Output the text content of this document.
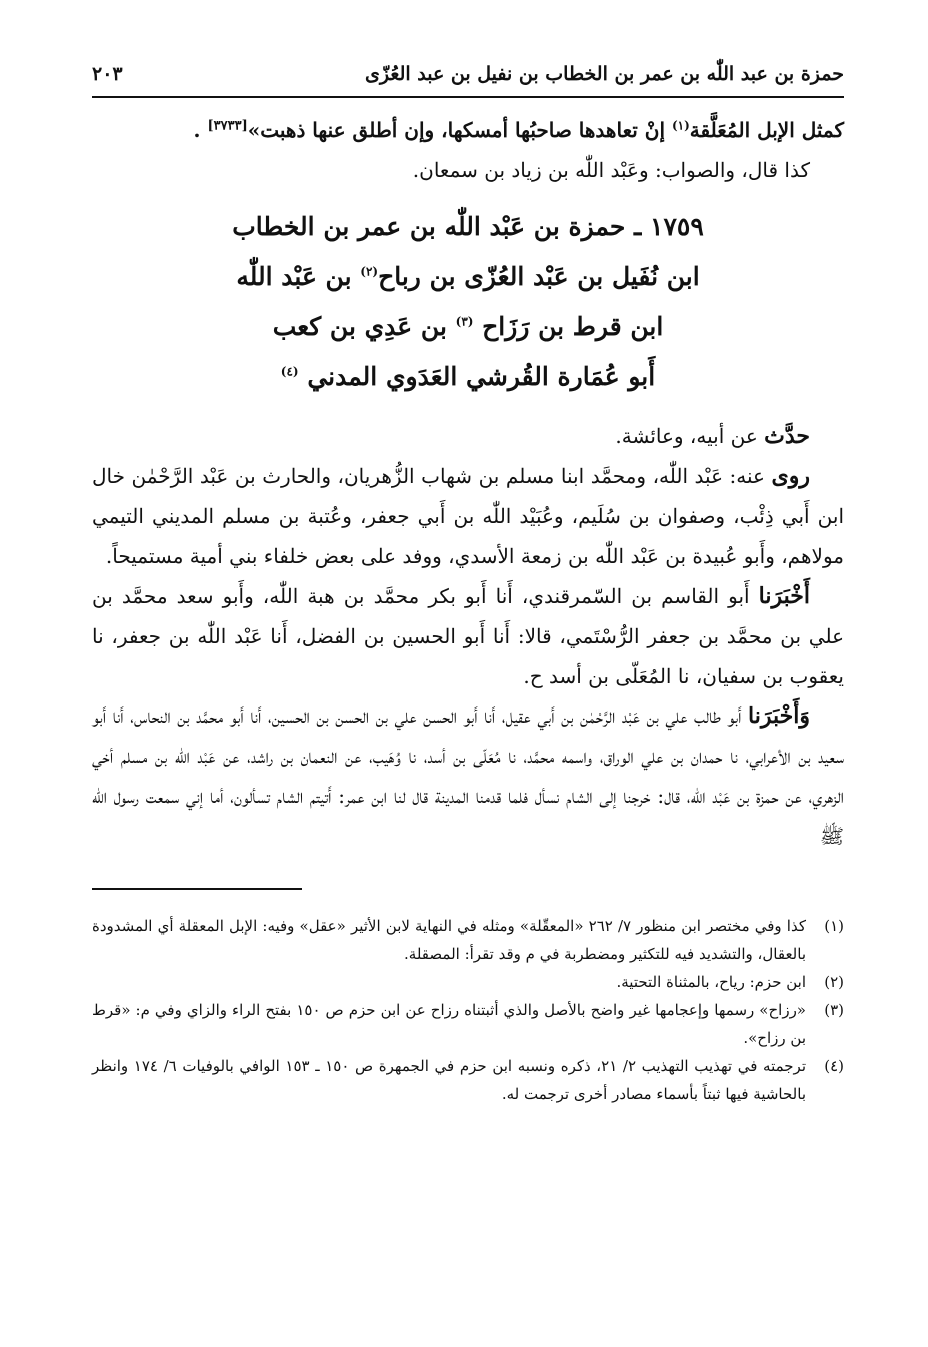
حمزة بن عبد اللّٰه بن عمر بن الخطاب بن نفيل بن عبد العُزّى
٢٠٣

كمثل الإبل المُعَلَّقة$^{(١)}$ إنْ تعاهدها صاحبُها أمسكها، وإن أطلق عنها ذهبت»[٣٧٣٣] .

كذا قال، والصواب: وعَبْد اللّٰه بن زياد بن سمعان.

١٧٥٩ ـ حمزة بن عَبْد اللّٰه بن عمر بن الخطاب
ابن نُفَيل بن عَبْد العُزّى بن رباح$^{(٢)}$ بن عَبْد اللّٰه
ابن قرط بن رَزَاح $^{(٣)}$ بن عَدِي بن كعب
أَبو عُمَارة القُرشي العَدَوي المدني $^{(٤)}$

حدَّث عن أبيه، وعائشة.

روى عنه: عَبْد اللّٰه، ومحمَّد ابنا مسلم بن شهاب الزُّهريان، والحارث بن عَبْد الرَّحْمٰن خال ابن أَبي ذِئْب، وصفوان بن سُلَيم، وعُبَيْد اللّٰه بن أَبي جعفر، وعُتبة بن مسلم المديني التيمي مولاهم، وأَبو عُبيدة بن عَبْد اللّٰه بن زمعة الأسدي، ووفد على بعض خلفاء بني أمية مستميحاً.

أَخْبَرَنا أَبو القاسم بن السّمرقندي، أَنا أَبو بكر محمَّد بن هبة اللّٰه، وأَبو سعد محمَّد بن علي بن محمَّد بن جعفر الرُّسْتَمي، قالا: أَنا أَبو الحسين بن الفضل، أَنا عَبْد اللّٰه بن جعفر، نا يعقوب بن سفيان، نا المُعَلّى بن أسد ح.

وَأَخْبَرَنا أَبو طالب علي بن عَبْد الرَّحْمٰن بن أَبي عقيل، أَنا أَبو الحسن علي بن الحسن بن الحسين، أَنا أَبو محمَّد بن النحاس، أَنا أَبو سعيد بن الأعرابي، نا حمدان بن علي الوراق، واسمه محمَّد، نا مُعَلّى بن أسد، نا وُهَيب، عن النعمان بن راشد، عن عَبْد اللّٰه بن مسلم أخي الزهري، عن حمزة بن عَبْد اللّٰه، قال: خرجنا إلى الشام نسأل فلما قدمنا المدينة قال لنا ابن عمر: أَتيتم الشام تسألون، أما إني سمعت رسول الله ﷺ

(١)
كذا وفي مختصر ابن منظور ٧/ ٢٦٢ «المعقّلة» ومثله في النهاية لابن الأثير «عقل» وفيه: الإبل المعقلة أي المشدودة بالعقال، والتشديد فيه للتكثير ومضطربة في م وقد تقرأ: المصقلة.

(٢)
ابن حزم: رياح، بالمثناة التحتية.

(٣)
«رزاح» رسمها وإعجامها غير واضح بالأصل والذي أثبتناه رزاح عن ابن حزم ص ١٥٠ بفتح الراء والزاي وفي م: «قرط بن رزاح».

(٤)
ترجمته في تهذيب التهذيب ٢/ ٢١، ذكره ونسبه ابن حزم في الجمهرة ص ١٥٠ ـ ١٥٣ الوافي بالوفيات ٦/ ١٧٤ وانظر بالحاشية فيها ثبتاً بأسماء مصادر أخرى ترجمت له.
